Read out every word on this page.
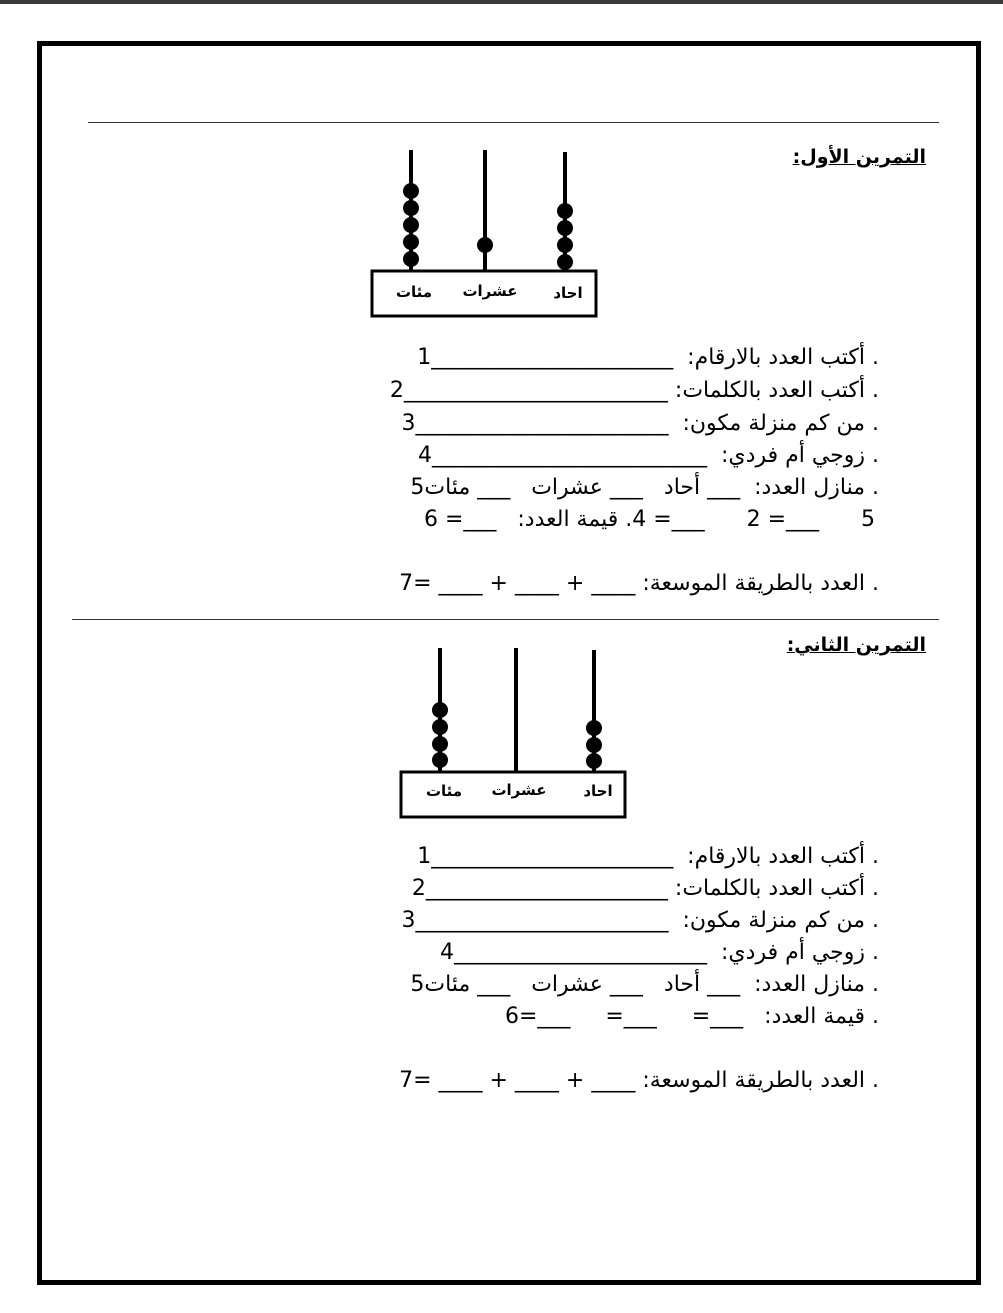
التمرين الأول:
احاد
عشرات
مئات
. أكتب العدد بالارقام:  ______________________1
. أكتب العدد بالكلمات: ________________________2
. من كم منزلة مكون:  _______________________3
. زوجي أم فردي:  _________________________4
. منازل العدد:  ___ أحاد   ___ عشرات   ___ مئات5
5      ___= 2      ___= 4. قيمة العدد:   ___= 6
. العدد بالطريقة الموسعة: ____ + ____ + ____ =7
التمرين الثاني:
احاد
عشرات
مئات
. أكتب العدد بالارقام:  ______________________1
. أكتب العدد بالكلمات: ______________________2
. من كم منزلة مكون:  _______________________3
. زوجي أم فردي:  _______________________4
. منازل العدد:  ___ أحاد   ___ عشرات   ___ مئات5
. قيمة العدد:   ___=     ___=     ___=6
. العدد بالطريقة الموسعة: ____ + ____ + ____ =7
